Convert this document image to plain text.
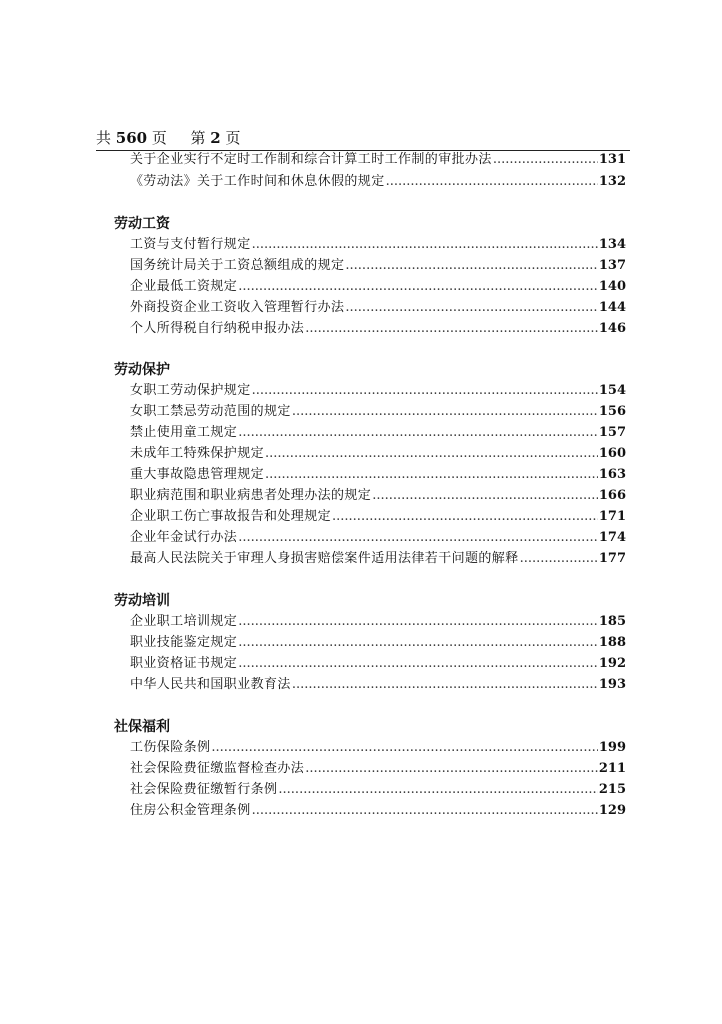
共 560 页 第 2 页
关于企业实行不定时工作制和综合计算工时工作制的审批办法 .....	131
《劳动法》关于工作时间和休息休假的规定 .....	132
劳动工资
工资与支付暂行规定 .....	134
国务统计局关于工资总额组成的规定 .....	137
企业最低工资规定 .....	140
外商投资企业工资收入管理暂行办法 .....	144
个人所得税自行纳税申报办法 .....	146
劳动保护
女职工劳动保护规定 .....	154
女职工禁忌劳动范围的规定 .....	156
禁止使用童工规定 .....	157
未成年工特殊保护规定 .....	160
重大事故隐患管理规定 .....	163
职业病范围和职业病患者处理办法的规定 .....	166
企业职工伤亡事故报告和处理规定 .....	171
企业年金试行办法 .....	174
最高人民法院关于审理人身损害赔偿案件适用法律若干问题的解释 .....	177
劳动培训
企业职工培训规定 .....	185
职业技能鉴定规定 .....	188
职业资格证书规定 .....	192
中华人民共和国职业教育法 .....	193
社保福利
工伤保险条例 .....	199
社会保险费征缴监督检查办法 .....	211
社会保险费征缴暂行条例 .....	215
住房公积金管理条例 .....	129
